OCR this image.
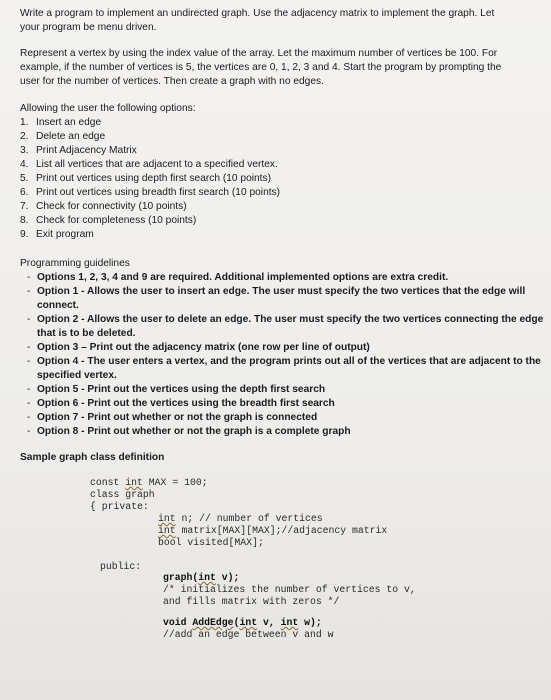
Write a program to implement an undirected graph. Use the adjacency matrix to implement the graph. Let
your program be menu driven.
Represent a vertex by using the index value of the array. Let the maximum number of vertices be 100. For
example, if the number of vertices is 5, the vertices are 0, 1, 2, 3 and 4. Start the program by prompting the
user for the number of vertices. Then create a graph with no edges.
Allowing the user the following options:
1. Insert an edge
2. Delete an edge
3. Print Adjacency Matrix
4. List all vertices that are adjacent to a specified vertex.
5. Print out vertices using depth first search (10 points)
6. Print out vertices using breadth first search (10 points)
7. Check for connectivity (10 points)
8. Check for completeness (10 points)
9. Exit program
Programming guidelines
- Options 1, 2, 3, 4 and 9 are required. Additional implemented options are extra credit.
- Option 1 - Allows the user to insert an edge. The user must specify the two vertices that the edge will
connect.
- Option 2 - Allows the user to delete an edge. The user must specify the two vertices connecting the edge
that is to be deleted.
- Option 3 – Print out the adjacency matrix (one row per line of output)
- Option 4 - The user enters a vertex, and the program prints out all of the vertices that are adjacent to the
specified vertex.
- Option 5 - Print out the vertices using the depth first search
- Option 6 - Print out the vertices using the breadth first search
- Option 7 - Print out whether or not the graph is connected
- Option 8 - Print out whether or not the graph is a complete graph
Sample graph class definition
const int MAX = 100;
class graph
{ private:
int n; // number of vertices
int matrix[MAX][MAX];//adjacency matrix
bool visited[MAX];
public:
graph(int v);
/* initializes the number of vertices to v,
and fills matrix with zeros */
void AddEdge(int v, int w);
//add an edge between v and w
